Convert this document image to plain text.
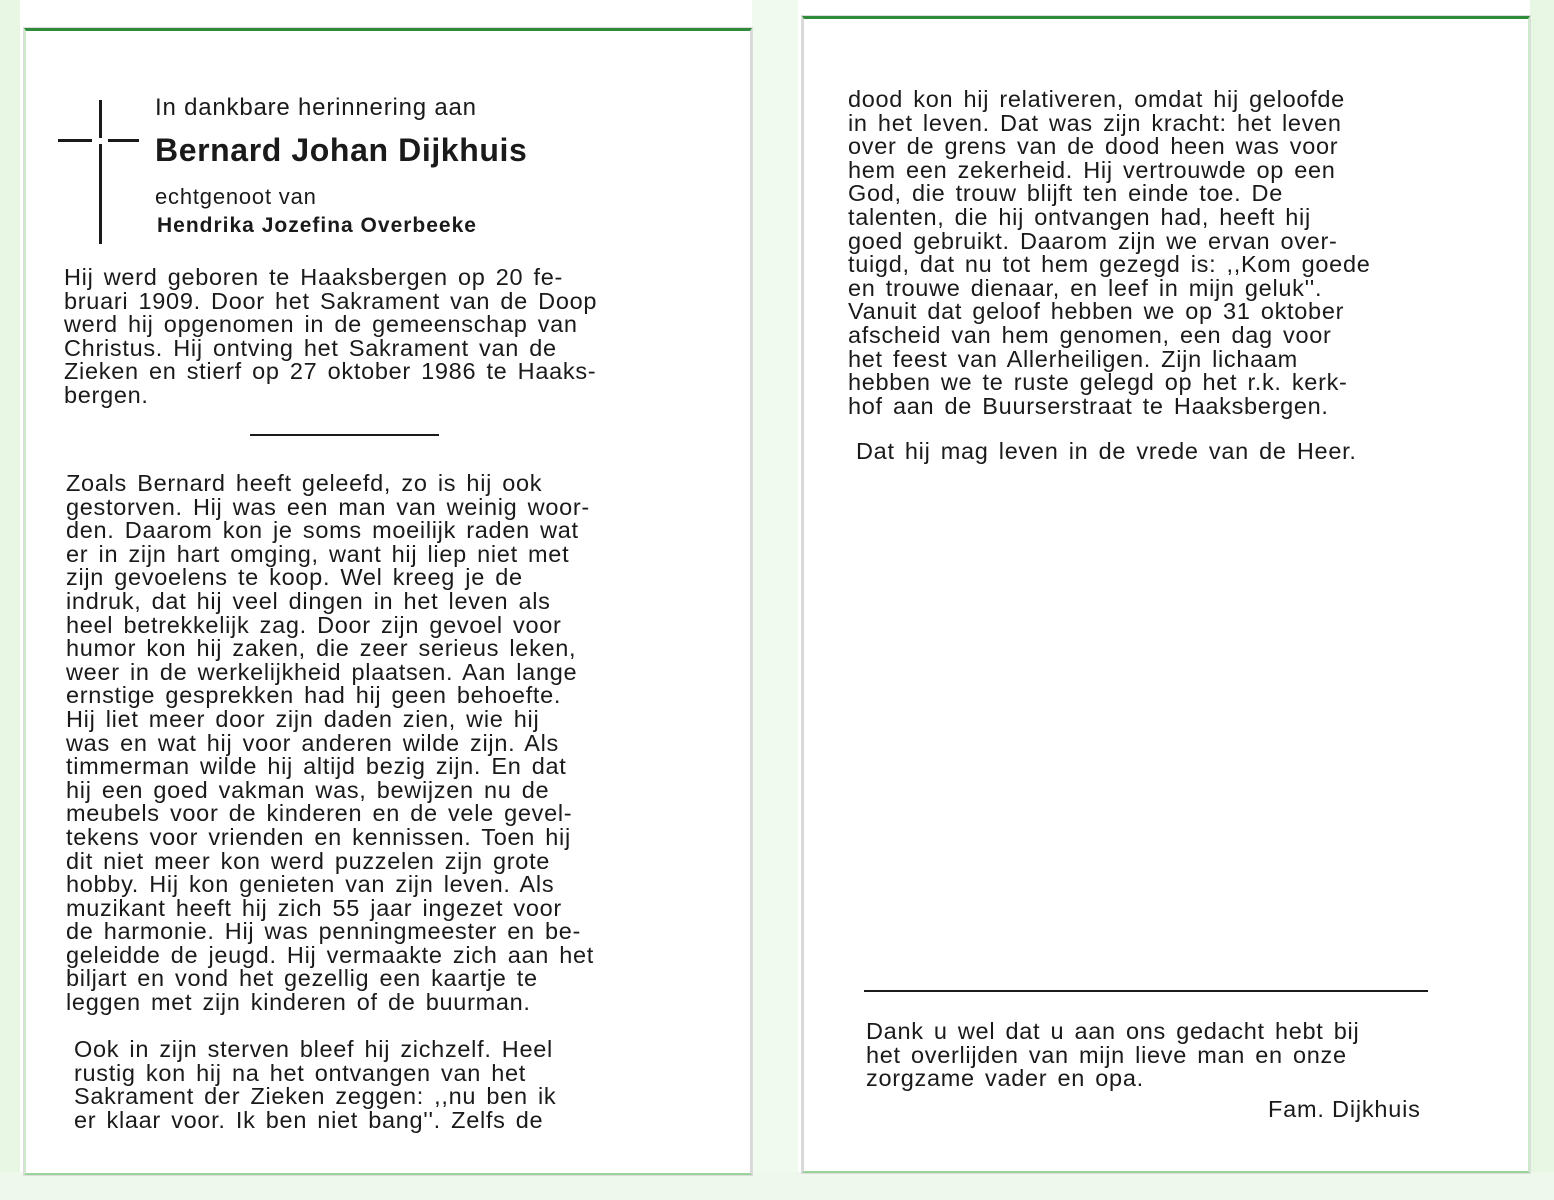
In dankbare herinnering aan

Bernard Johan Dijkhuis

echtgenoot van

Hendrika Jozefina Overbeeke

Hij werd geboren te Haaksbergen op 20 fe-
bruari 1909. Door het Sakrament van de Doop
werd hij opgenomen in de gemeenschap van
Christus. Hij ontving het Sakrament van de
Zieken en stierf op 27 oktober 1986 te Haaks-
bergen.

Zoals Bernard heeft geleefd, zo is hij ook
gestorven. Hij was een man van weinig woor-
den. Daarom kon je soms moeilijk raden wat
er in zijn hart omging, want hij liep niet met
zijn gevoelens te koop. Wel kreeg je de
indruk, dat hij veel dingen in het leven als
heel betrekkelijk zag. Door zijn gevoel voor
humor kon hij zaken, die zeer serieus leken,
weer in de werkelijkheid plaatsen. Aan lange
ernstige gesprekken had hij geen behoefte.
Hij liet meer door zijn daden zien, wie hij
was en wat hij voor anderen wilde zijn. Als
timmerman wilde hij altijd bezig zijn. En dat
hij een goed vakman was, bewijzen nu de
meubels voor de kinderen en de vele gevel-
tekens voor vrienden en kennissen. Toen hij
dit niet meer kon werd puzzelen zijn grote
hobby. Hij kon genieten van zijn leven. Als
muzikant heeft hij zich 55 jaar ingezet voor
de harmonie. Hij was penningmeester en be-
geleidde de jeugd. Hij vermaakte zich aan het
biljart en vond het gezellig een kaartje te
leggen met zijn kinderen of de buurman.

Ook in zijn sterven bleef hij zichzelf. Heel
rustig kon hij na het ontvangen van het
Sakrament der Zieken zeggen: ,,nu ben ik
er klaar voor. Ik ben niet bang''. Zelfs de

dood kon hij relativeren, omdat hij geloofde
in het leven. Dat was zijn kracht: het leven
over de grens van de dood heen was voor
hem een zekerheid. Hij vertrouwde op een
God, die trouw blijft ten einde toe. De
talenten, die hij ontvangen had, heeft hij
goed gebruikt. Daarom zijn we ervan over-
tuigd, dat nu tot hem gezegd is: ,,Kom goede
en trouwe dienaar, en leef in mijn geluk''.
Vanuit dat geloof hebben we op 31 oktober
afscheid van hem genomen, een dag voor
het feest van Allerheiligen. Zijn lichaam
hebben we te ruste gelegd op het r.k. kerk-
hof aan de Buurserstraat te Haaksbergen.

Dat hij mag leven in de vrede van de Heer.

Dank u wel dat u aan ons gedacht hebt bij
het overlijden van mijn lieve man en onze
zorgzame vader en opa.

Fam. Dijkhuis
